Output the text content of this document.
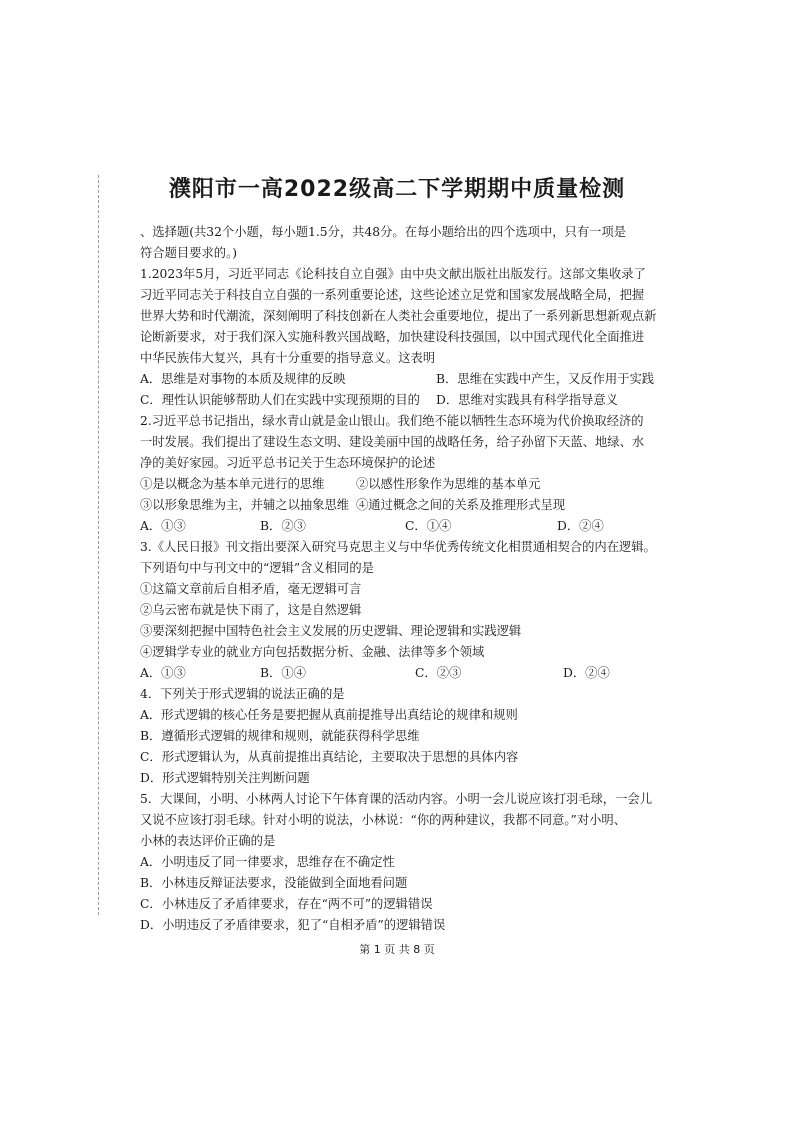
濮阳市一高2022级高二下学期期中质量检测
、选择题(共32个小题，每小题1.5分，共48分。在每小题给出的四个选项中，只有一项是
符合题目要求的。)
1.2023年5月，习近平同志《论科技自立自强》由中央文献出版社出版发行。这部文集收录了
习近平同志关于科技自立自强的一系列重要论述，这些论述立足党和国家发展战略全局，把握
世界大势和时代潮流，深刻阐明了科技创新在人类社会重要地位，提出了一系列新思想新观点新
论断新要求，对于我们深入实施科教兴国战略，加快建设科技强国，以中国式现代化全面推进
中华民族伟大复兴，具有十分重要的指导意义。这表明
A．思维是对事物的本质及规律的反映	B．思维在实践中产生，又反作用于实践
C．理性认识能够帮助人们在实践中实现预期的目的	D．思维对实践具有科学指导意义
2.习近平总书记指出，绿水青山就是金山银山。我们绝不能以牺牲生态环境为代价换取经济的
一时发展。我们提出了建设生态文明、建设美丽中国的战略任务，给子孙留下天蓝、地绿、水
净的美好家园。习近平总书记关于生态环境保护的论述
①是以概念为基本单元进行的思维	②以感性形象作为思维的基本单元
③以形象思维为主，并辅之以抽象思维 ④通过概念之间的关系及推理形式呈现
A．①③	B．②③	C．①④	D．②④
3.《人民日报》刊文指出要深入研究马克思主义与中华优秀传统文化相贯通相契合的内在逻辑。
下列语句中与刊文中的“逻辑”含义相同的是
①这篇文章前后自相矛盾，毫无逻辑可言
②乌云密布就是快下雨了，这是自然逻辑
③要深刻把握中国特色社会主义发展的历史逻辑、理论逻辑和实践逻辑
④逻辑学专业的就业方向包括数据分析、金融、法律等多个领域
A．①③	B．①④	C．②③	D．②④
4．下列关于形式逻辑的说法正确的是
A．形式逻辑的核心任务是要把握从真前提推导出真结论的规律和规则
B．遵循形式逻辑的规律和规则，就能获得科学思维
C．形式逻辑认为，从真前提推出真结论，主要取决于思想的具体内容
D．形式逻辑特别关注判断问题
5．大课间，小明、小林两人讨论下午体育课的活动内容。小明一会儿说应该打羽毛球，一会儿
又说不应该打羽毛球。针对小明的说法，小林说：“你的两种建议，我都不同意。”对小明、
小林的表达评价正确的是
A．小明违反了同一律要求，思维存在不确定性
B．小林违反辩证法要求，没能做到全面地看问题
C．小林违反了矛盾律要求，存在“两不可”的逻辑错误
D．小明违反了矛盾律要求，犯了“自相矛盾”的逻辑错误
第 1 页 共 8 页
